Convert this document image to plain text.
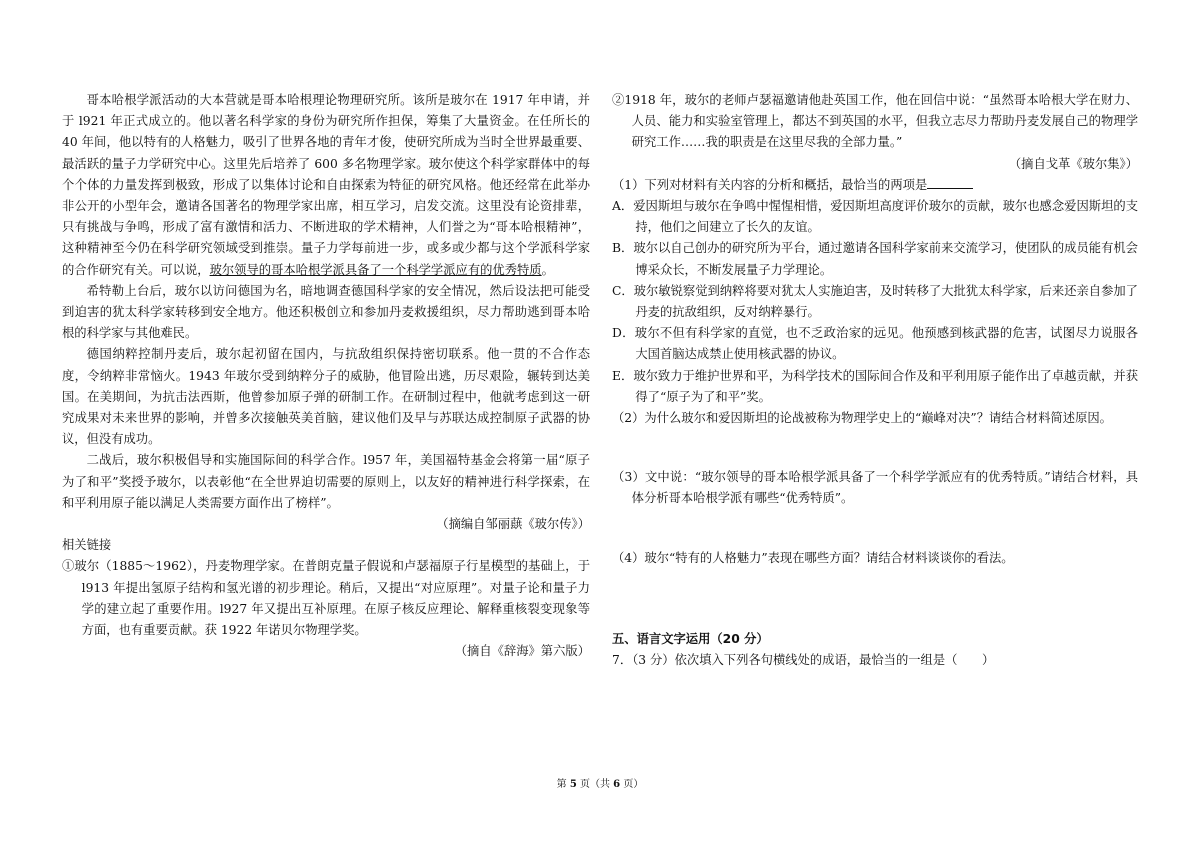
哥本哈根学派活动的大本营就是哥本哈根理论物理研究所。该所是玻尔在 1917 年申请，并于 l921 年正式成立的。他以著名科学家的身份为研究所作担保，筹集了大量资金。在任所长的 40 年间，他以特有的人格魅力，吸引了世界各地的青年才俊，使研究所成为当时全世界最重要、最活跃的量子力学研究中心。这里先后培养了 600 多名物理学家。玻尔使这个科学家群体中的每个个体的力量发挥到极致，形成了以集体讨论和自由探索为特征的研究风格。他还经常在此举办非公开的小型年会，邀请各国著名的物理学家出席，相互学习，启发交流。这里没有论资排辈，只有挑战与争鸣，形成了富有激情和活力、不断进取的学术精神，人们誉之为“哥本哈根精神”，这种精神至今仍在科学研究领域受到推崇。量子力学每前进一步，或多或少都与这个学派科学家的合作研究有关。可以说，玻尔领导的哥本哈根学派具备了一个科学学派应有的优秀特质。

希特勒上台后，玻尔以访问德国为名，暗地调查德国科学家的安全情况，然后设法把可能受到迫害的犹太科学家转移到安全地方。他还积极创立和参加丹麦救援组织，尽力帮助逃到哥本哈根的科学家与其他难民。

德国纳粹控制丹麦后，玻尔起初留在国内，与抗敌组织保持密切联系。他一贯的不合作态度，令纳粹非常恼火。1943 年玻尔受到纳粹分子的威胁，他冒险出逃，历尽艰险，辗转到达美国。在美期间，为抗击法西斯，他曾参加原子弹的研制工作。在研制过程中，他就考虑到这一研究成果对未来世界的影响，并曾多次接触英美首脑，建议他们及早与苏联达成控制原子武器的协议，但没有成功。

二战后，玻尔积极倡导和实施国际间的科学合作。l957 年，美国福特基金会将第一届“原子为了和平”奖授予玻尔，以表彰他“在全世界迫切需要的原则上，以友好的精神进行科学探索，在和平利用原子能以满足人类需要方面作出了榜样”。

（摘编自邹丽蕻《玻尔传》）

相关链接

①玻尔（1885～1962），丹麦物理学家。在普朗克量子假说和卢瑟福原子行星模型的基础上，于 l913 年提出氢原子结构和氢光谱的初步理论。稍后，又提出“对应原理”。对量子论和量子力学的建立起了重要作用。l927 年又提出互补原理。在原子核反应理论、解释重核裂变现象等方面，也有重要贡献。获 1922 年诺贝尔物理学奖。

（摘自《辞海》第六版）

②1918 年，玻尔的老师卢瑟福邀请他赴英国工作，他在回信中说：“虽然哥本哈根大学在财力、人员、能力和实验室管理上，都达不到英国的水平，但我立志尽力帮助丹麦发展自己的物理学研究工作……我的职责是在这里尽我的全部力量。”

（摘自戈革《玻尔集》）

（1）下列对材料有关内容的分析和概括，最恰当的两项是

A．爱因斯坦与玻尔在争鸣中惺惺相惜，爱因斯坦高度评价玻尔的贡献，玻尔也感念爱因斯坦的支持，他们之间建立了长久的友谊。

B．玻尔以自己创办的研究所为平台，通过邀请各国科学家前来交流学习，使团队的成员能有机会博采众长，不断发展量子力学理论。

C．玻尔敏锐察觉到纳粹将要对犹太人实施迫害，及时转移了大批犹太科学家，后来还亲自参加了丹麦的抗敌组织，反对纳粹暴行。

D．玻尔不但有科学家的直觉，也不乏政治家的远见。他预感到核武器的危害，试图尽力说服各大国首脑达成禁止使用核武器的协议。

E．玻尔致力于维护世界和平，为科学技术的国际间合作及和平利用原子能作出了卓越贡献，并获得了“原子为了和平”奖。

（2）为什么玻尔和爱因斯坦的论战被称为物理学史上的“巅峰对决”？请结合材料简述原因。

（3）文中说：“玻尔领导的哥本哈根学派具备了一个科学学派应有的优秀特质。”请结合材料，具体分析哥本哈根学派有哪些“优秀特质”。

（4）玻尔“特有的人格魅力”表现在哪些方面？请结合材料谈谈你的看法。

五、语言文字运用（20 分）

7．（3 分）依次填入下列各句横线处的成语，最恰当的一组是（　　）

第 5 页（共 6 页）
